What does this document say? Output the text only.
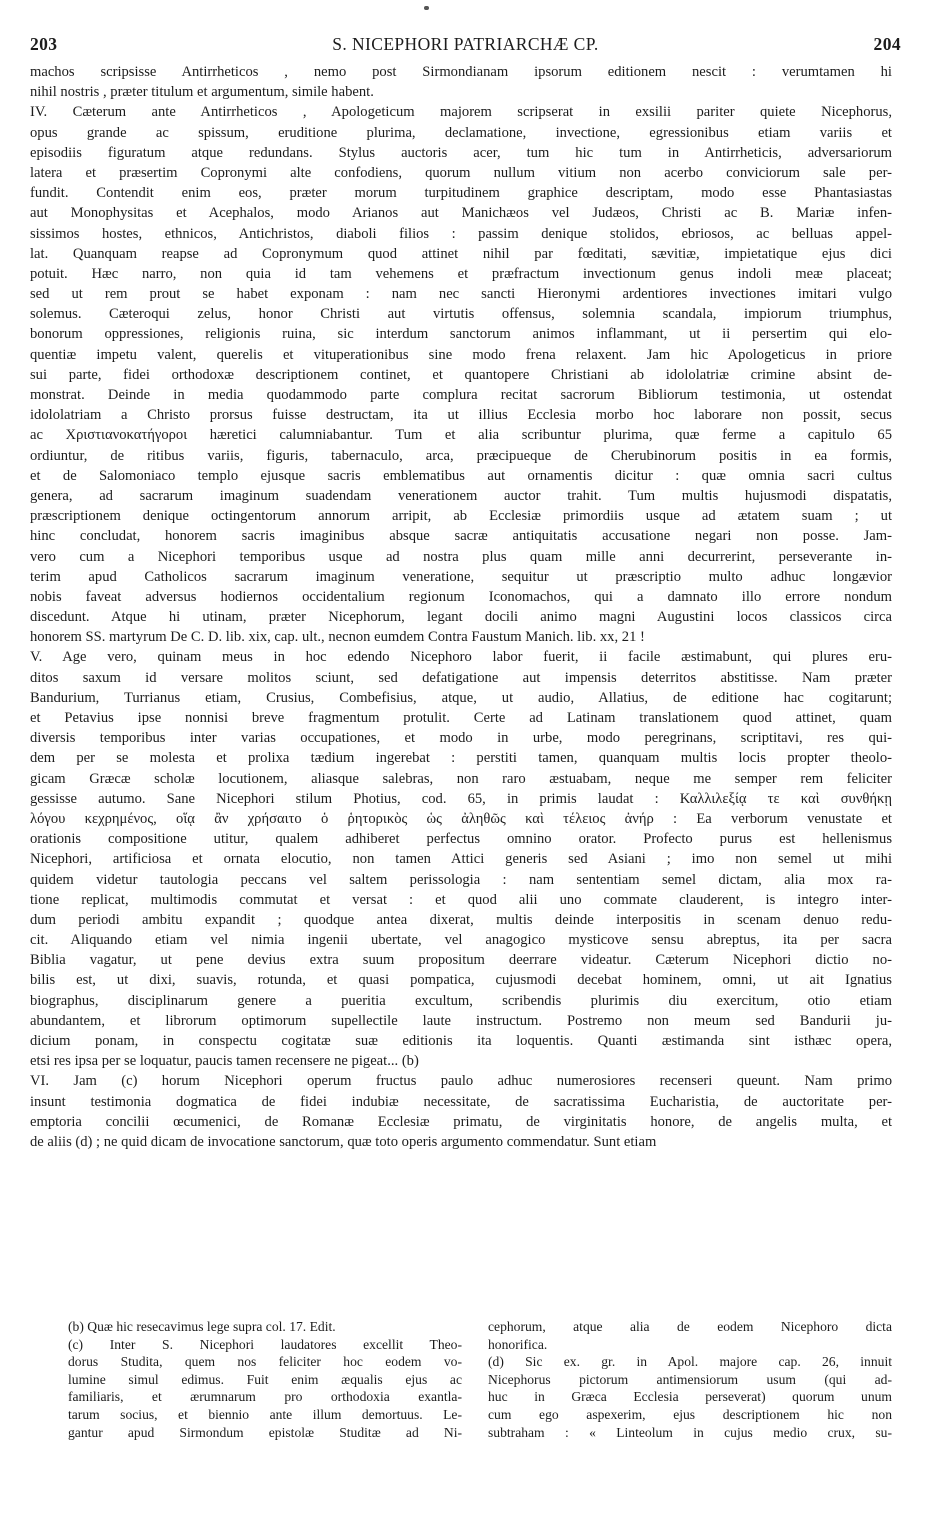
203	S. NICEPHORI PATRIARCHÆ CP.	204
machos scripsisse Antirrheticos , nemo post Sirmondianam ipsorum editionem nescit : verumtamen hi
nihil nostris , præter titulum et argumentum, simile habent.
IV. Cæterum ante Antirrheticos , Apologeticum majorem scripserat in exsilii pariter quiete Nicephorus,
opus grande ac spissum, eruditione plurima, declamatione, invectione, egressionibus etiam variis et
episodiis figuratum atque redundans. Stylus auctoris acer, tum hic tum in Antirrheticis, adversariorum
latera et præsertim Copronymi alte confodiens, quorum nullum vitium non acerbo conviciorum sale per-
fundit. Contendit enim eos, præter morum turpitudinem graphice descriptam, modo esse Phantasiastas
aut Monophysitas et Acephalos, modo Arianos aut Manichæos vel Judæos, Christi ac B. Mariæ infen-
sissimos hostes, ethnicos, Antichristos, diaboli filios : passim denique stolidos, ebriosos, ac belluas appel-
lat. Quanquam reapse ad Copronymum quod attinet nihil par fœditati, sævitiæ, impietatique ejus dici
potuit. Hæc narro, non quia id tam vehemens et præfractum invectionum genus indoli meæ placeat;
sed ut rem prout se habet exponam : nam nec sancti Hieronymi ardentiores invectiones imitari vulgo
solemus. Cæteroqui zelus, honor Christi aut virtutis offensus, solemnia scandala, impiorum triumphus,
bonorum oppressiones, religionis ruina, sic interdum sanctorum animos inflammant, ut ii persertim qui elo-
quentiæ impetu valent, querelis et vituperationibus sine modo frena relaxent. Jam hic Apologeticus in priore
sui parte, fidei orthodoxæ descriptionem continet, et quantopere Christiani ab idololatriæ crimine absint de-
monstrat. Deinde in media quodammodo parte complura recitat sacrorum Bibliorum testimonia, ut ostendat
idololatriam a Christo prorsus fuisse destructam, ita ut illius Ecclesia morbo hoc laborare non possit, secus
ac Χριστιανοκατήγοροι hæretici calumniabantur. Tum et alia scribuntur plurima, quæ ferme a capitulo 65
ordiuntur, de ritibus variis, figuris, tabernaculo, arca, præcipueque de Cherubinorum positis in ea formis,
et de Salomoniaco templo ejusque sacris emblematibus aut ornamentis dicitur : quæ omnia sacri cultus
genera, ad sacrarum imaginum suadendam venerationem auctor trahit. Tum multis hujusmodi dispatatis,
præscriptionem denique octingentorum annorum arripit, ab Ecclesiæ primordiis usque ad ætatem suam ; ut
hinc concludat, honorem sacris imaginibus absque sacræ antiquitatis accusatione negari non posse. Jam-
vero cum a Nicephori temporibus usque ad nostra plus quam mille anni decurrerint, perseverante in-
terim apud Catholicos sacrarum imaginum veneratione, sequitur ut præscriptio multo adhuc longævior
nobis faveat adversus hodiernos occidentalium regionum Iconomachos, qui a damnato illo errore nondum
discedunt. Atque hi utinam, præter Nicephorum, legant docili animo magni Augustini locos classicos circa
honorem SS. martyrum De C. D. lib. xix, cap. ult., necnon eumdem Contra Faustum Manich. lib. xx, 21 !
V. Age vero, quinam meus in hoc edendo Nicephoro labor fuerit, ii facile æstimabunt, qui plures eru-
ditos saxum id versare molitos sciunt, sed defatigatione aut impensis deterritos abstitisse. Nam præter
Bandurium, Turrianus etiam, Crusius, Combefisius, atque, ut audio, Allatius, de editione hac cogitarunt;
et Petavius ipse nonnisi breve fragmentum protulit. Certe ad Latinam translationem quod attinet, quam
diversis temporibus inter varias occupationes, et modo in urbe, modo peregrinans, scriptitavi, res qui-
dem per se molesta et prolixa tædium ingerebat : perstiti tamen, quanquam multis locis propter theolo-
gicam Græcæ scholæ locutionem, aliasque salebras, non raro æstuabam, neque me semper rem feliciter
gessisse autumo. Sane Nicephori stilum Photius, cod. 65, in primis laudat : Καλλιλεξίᾳ τε καὶ συνθήκῃ
λόγου κεχρημένος, οἵᾳ ἂν χρήσαιτο ὁ ῥητορικὸς ὡς ἀληθῶς καὶ τέλειος ἀνήρ : Ea verborum venustate et
orationis compositione utitur, qualem adhiberet perfectus omnino orator. Profecto purus est hellenismus
Nicephori, artificiosa et ornata elocutio, non tamen Attici generis sed Asiani ; imo non semel ut mihi
quidem videtur tautologia peccans vel saltem perissologia : nam sententiam semel dictam, alia mox ra-
tione replicat, multimodis commutat et versat : et quod alii uno commate clauderent, is integro inter-
dum periodi ambitu expandit ; quodque antea dixerat, multis deinde interpositis in scenam denuo redu-
cit. Aliquando etiam vel nimia ingenii ubertate, vel anagogico mysticove sensu abreptus, ita per sacra
Biblia vagatur, ut pene devius extra suum propositum deerrare videatur. Cæterum Nicephori dictio no-
bilis est, ut dixi, suavis, rotunda, et quasi pompatica, cujusmodi decebat hominem, omni, ut ait Ignatius
biographus, disciplinarum genere a pueritia excultum, scribendis plurimis diu exercitum, otio etiam
abundantem, et librorum optimorum supellectile laute instructum. Postremo non meum sed Bandurii ju-
dicium ponam, in conspectu cogitatæ suæ editionis ita loquentis. Quanti æstimanda sint isthæc opera,
etsi res ipsa per se loquatur, paucis tamen recensere ne pigeat... (b)
VI. Jam (c) horum Nicephori operum fructus paulo adhuc numerosiores recenseri queunt. Nam primo
insunt testimonia dogmatica de fidei indubiæ necessitate, de sacratissima Eucharistia, de auctoritate per-
emptoria concilii œcumenici, de Romanæ Ecclesiæ primatu, de virginitatis honore, de angelis multa, et
de aliis (d) ; ne quid dicam de invocatione sanctorum, quæ toto operis argumento commendatur. Sunt etiam
(b) Quæ hic resecavimus lege supra col. 17. Edit.
(c) Inter S. Nicephori laudatores excellit Theo-
dorus Studita, quem nos feliciter hoc eodem vo-
lumine simul edimus. Fuit enim æqualis ejus ac
familiaris, et ærumnarum pro orthodoxia exantla-
tarum socius, et biennio ante illum demortuus. Le-
gantur apud Sirmondum epistolæ Studitæ ad Ni-
cephorum, atque alia de eodem Nicephoro dicta
honorifica.
(d) Sic ex. gr. in Apol. majore cap. 26, innuit
Nicephorus pictorum antimensiorum usum (qui ad-
huc in Græca Ecclesia perseverat) quorum unum
cum ego aspexerim, ejus descriptionem hic non
subtraham : « Linteolum in cujus medio crux, su-
